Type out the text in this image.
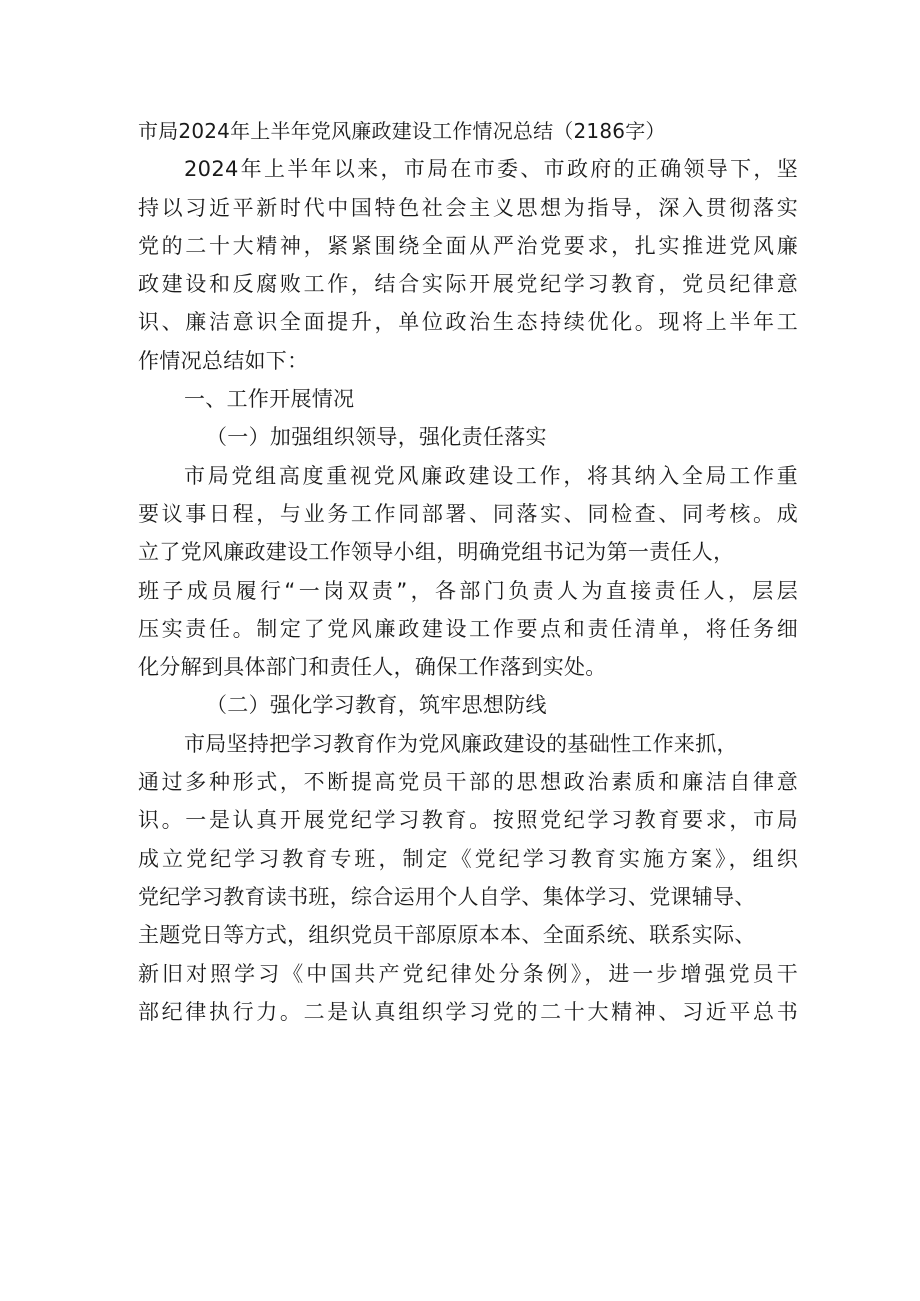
市局2024年上半年党风廉政建设工作情况总结（2186字）
2024年上半年以来，市局在市委、市政府的正确领导下，坚
持以习近平新时代中国特色社会主义思想为指导，深入贯彻落实
党的二十大精神，紧紧围绕全面从严治党要求，扎实推进党风廉
政建设和反腐败工作，结合实际开展党纪学习教育，党员纪律意
识、廉洁意识全面提升，单位政治生态持续优化。现将上半年工
作情况总结如下：
一、工作开展情况
（一）加强组织领导，强化责任落实
市局党组高度重视党风廉政建设工作，将其纳入全局工作重
要议事日程，与业务工作同部署、同落实、同检查、同考核。成
立了党风廉政建设工作领导小组，明确党组书记为第一责任人，
班子成员履行“一岗双责”，各部门负责人为直接责任人，层层
压实责任。制定了党风廉政建设工作要点和责任清单，将任务细
化分解到具体部门和责任人，确保工作落到实处。
（二）强化学习教育，筑牢思想防线
市局坚持把学习教育作为党风廉政建设的基础性工作来抓，
通过多种形式，不断提高党员干部的思想政治素质和廉洁自律意
识。一是认真开展党纪学习教育。按照党纪学习教育要求，市局
成立党纪学习教育专班，制定《党纪学习教育实施方案》，组织
党纪学习教育读书班，综合运用个人自学、集体学习、党课辅导、
主题党日等方式，组织党员干部原原本本、全面系统、联系实际、
新旧对照学习《中国共产党纪律处分条例》，进一步增强党员干
部纪律执行力。二是认真组织学习党的二十大精神、习近平总书
